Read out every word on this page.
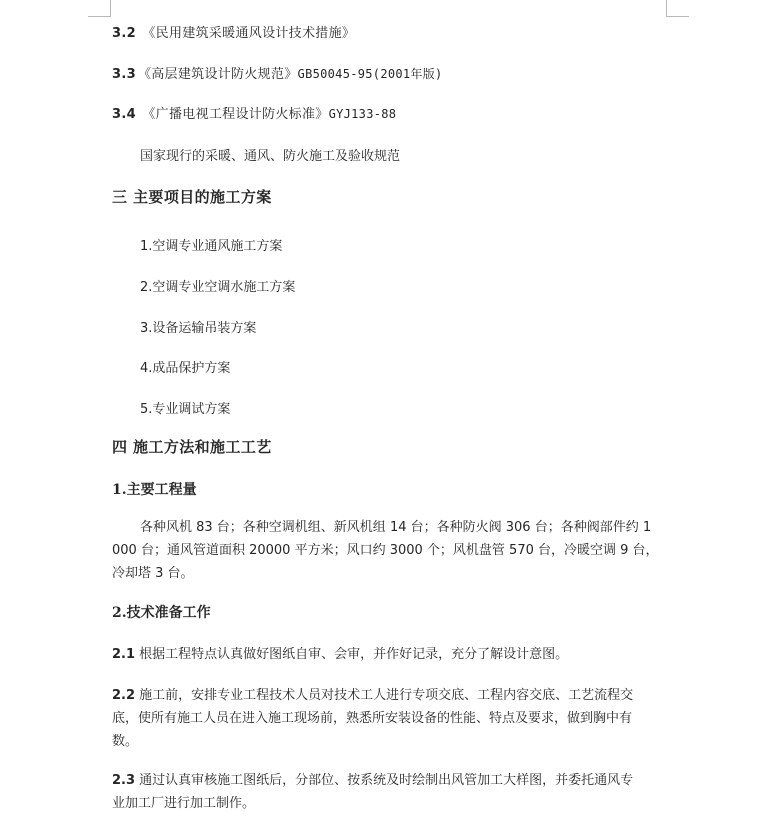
3.2 《民用建筑采暖通风设计技术措施》
3.3 《高层建筑设计防火规范》GB50045-95(2001年版)
3.4 《广播电视工程设计防火标准》GYJ133-88
国家现行的采暖、通风、防火施工及验收规范
三 主要项目的施工方案
1.空调专业通风施工方案
2.空调专业空调水施工方案
3.设备运输吊装方案
4.成品保护方案
5.专业调试方案
四 施工方法和施工工艺
1.主要工程量
各种风机 83 台；各种空调机组、新风机组 14 台；各种防火阀 306 台；各种阀部件约 1
000 台；通风管道面积 20000 平方米；风口约 3000 个；风机盘管 570 台，冷暖空调 9 台，
冷却塔 3 台。
2.技术准备工作
2.1 根据工程特点认真做好图纸自审、会审，并作好记录，充分了解设计意图。
2.2 施工前，安排专业工程技术人员对技术工人进行专项交底、工程内容交底、工艺流程交
底，使所有施工人员在进入施工现场前，熟悉所安装设备的性能、特点及要求，做到胸中有
数。
2.3 通过认真审核施工图纸后，分部位、按系统及时绘制出风管加工大样图，并委托通风专
业加工厂进行加工制作。
